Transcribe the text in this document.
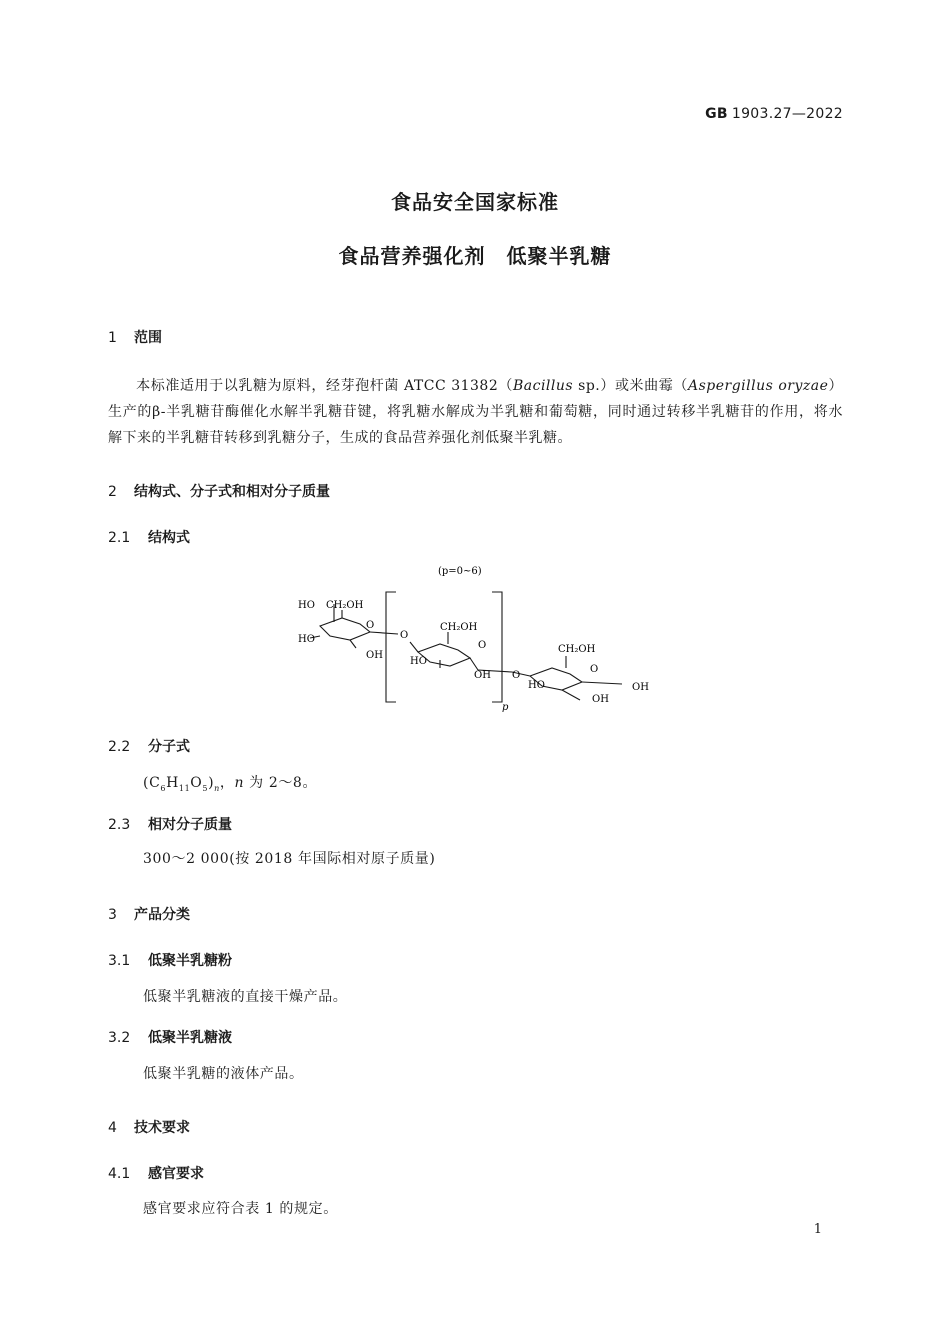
GB 1903.27—2022
食品安全国家标准
食品营养强化剂　低聚半乳糖
1 范围
本标准适用于以乳糖为原料，经芽孢杆菌 ATCC 31382（Bacillus sp.）或米曲霉（Aspergillus oryzae）生产的β-半乳糖苷酶催化水解半乳糖苷键，将乳糖水解成为半乳糖和葡萄糖，同时通过转移半乳糖苷的作用，将水解下来的半乳糖苷转移到乳糖分子，生成的食品营养强化剂低聚半乳糖。
2 结构式、分子式和相对分子质量
2.1 结构式
(p=0~6)
p
HO CH₂OH
HO
O
OH
O
CH₂OH
O
HO
OH O
CH₂OH
O
HO
OH
OH
2.2 分子式
$(C_6H_{11}O_5)_n$，n 为 2～8。
2.3 相对分子质量
300～2 000(按 2018 年国际相对原子质量)
3 产品分类
3.1 低聚半乳糖粉
低聚半乳糖液的直接干燥产品。
3.2 低聚半乳糖液
低聚半乳糖的液体产品。
4 技术要求
4.1 感官要求
感官要求应符合表 1 的规定。
1
